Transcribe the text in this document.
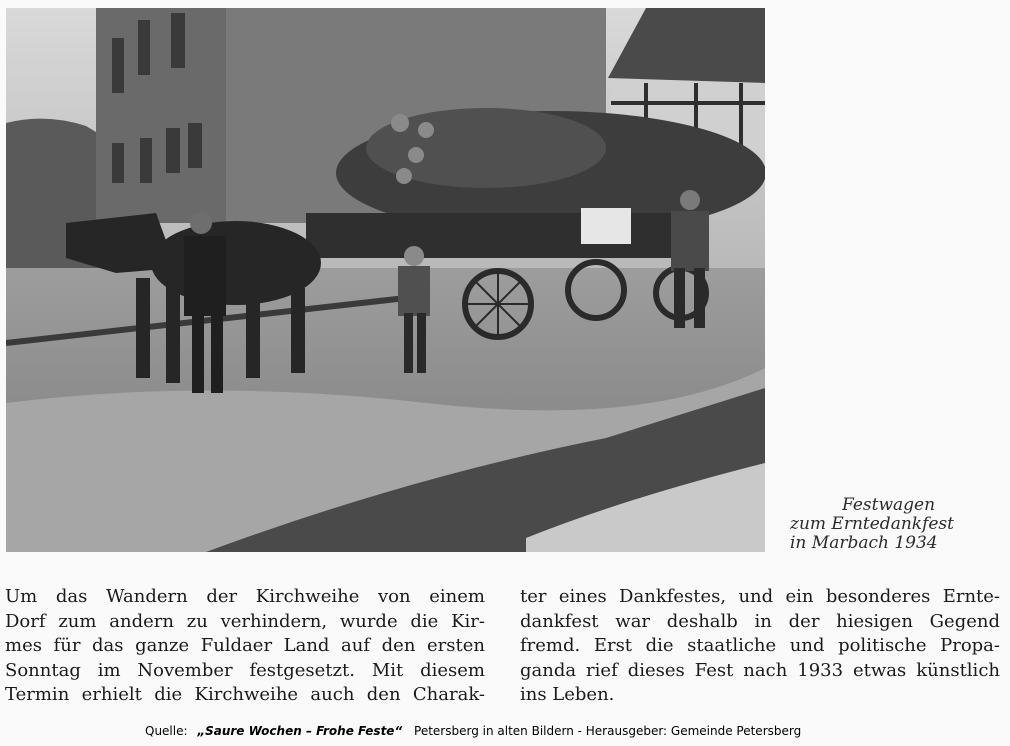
Festwagen
zum Erntedankfest
in Marbach 1934
Um das Wandern der Kirchweihe von einem
Dorf zum andern zu verhindern, wurde die Kir-
mes für das ganze Fuldaer Land auf den ersten
Sonntag im November festgesetzt. Mit diesem
Termin erhielt die Kirchweihe auch den Charak-
ter eines Dankfestes, und ein besonderes Ernte-
dankfest war deshalb in der hiesigen Gegend
fremd. Erst die staatliche und politische Propa-
ganda rief dieses Fest nach 1933 etwas künstlich
ins Leben.
Quelle: „Saure Wochen – Frohe Feste“ Petersberg in alten Bildern - Herausgeber: Gemeinde Petersberg
